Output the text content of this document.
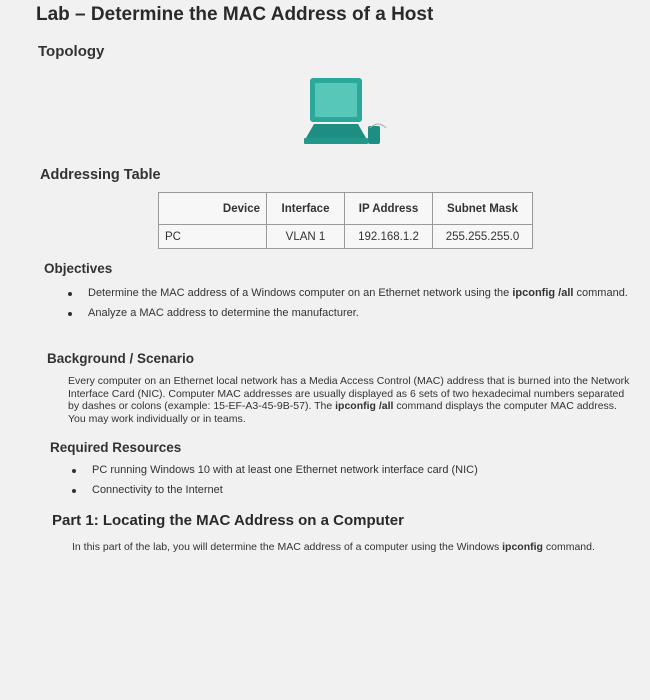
Lab – Determine the MAC Address of a Host
Topology
Addressing Table
Device	Interface	IP Address	Subnet Mask
PC	VLAN 1	192.168.1.2	255.255.255.0
Objectives
Determine the MAC address of a Windows computer on an Ethernet network using the ipconfig /all command.
Analyze a MAC address to determine the manufacturer.
Background / Scenario
Every computer on an Ethernet local network has a Media Access Control (MAC) address that is burned into the Network Interface Card (NIC). Computer MAC addresses are usually displayed as 6 sets of two hexadecimal numbers separated by dashes or colons (example: 15-EF-A3-45-9B-57). The ipconfig /all command displays the computer MAC address. You may work individually or in teams.
Required Resources
PC running Windows 10 with at least one Ethernet network interface card (NIC)
Connectivity to the Internet
Part 1: Locating the MAC Address on a Computer
In this part of the lab, you will determine the MAC address of a computer using the Windows ipconfig command.
